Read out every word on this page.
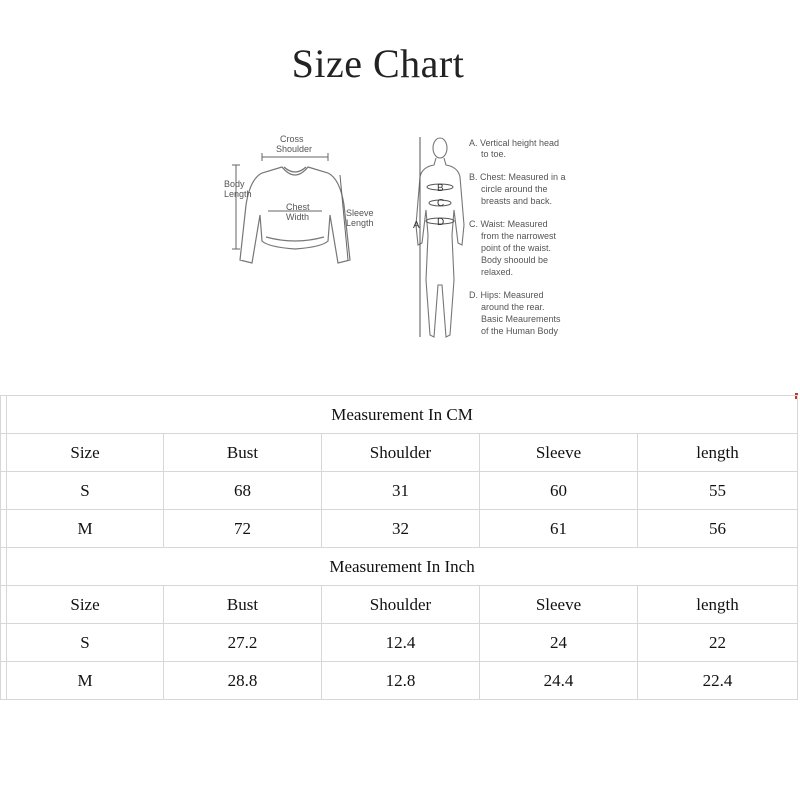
Size Chart
Cross
Shoulder
Body
Length
Chest
Width	Sleeve
Length	A
B
C
D
A. Vertical height head
to toe.
B. Chest: Measured in a
circle around the
breasts and back.
C. Waist: Measured
from the narrowest
point of the waist.
Body shoould be
relaxed.
D. Hips: Measured
around the rear.
Basic Meaurements
of the Human Body
	Measurement In CM				
	Size	Bust	Shoulder	Sleeve	length
	S	68	31	60	55
	M	72	32	61	56
	Measurement In Inch				
	Size	Bust	Shoulder	Sleeve	length
	S	27.2	12.4	24	22
	M	28.8	12.8	24.4	22.4
